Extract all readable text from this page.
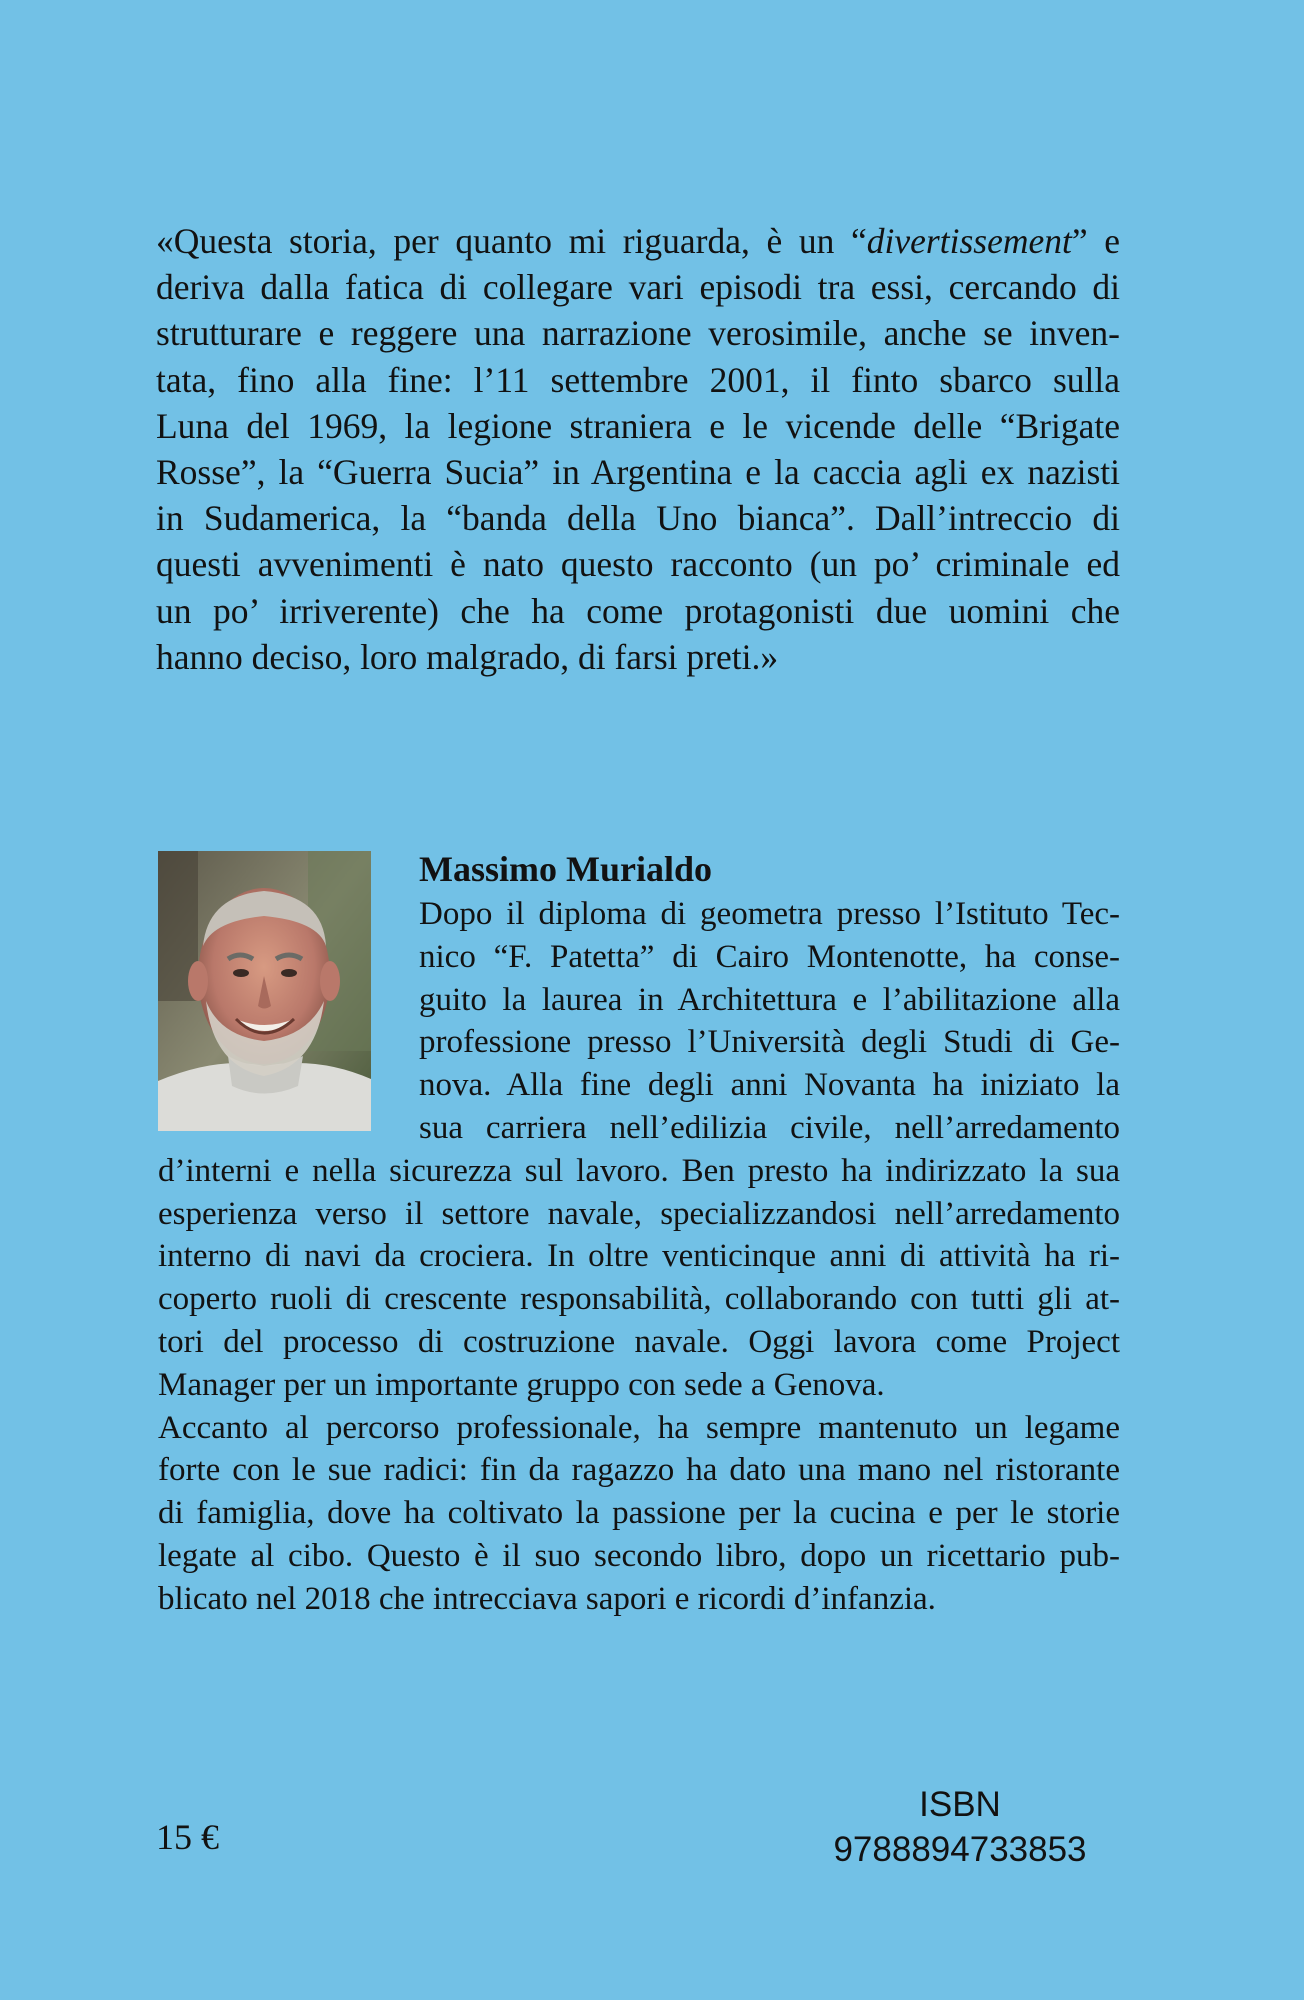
«Questa storia, per quanto mi riguarda, è un “divertissement” e
deriva dalla fatica di collegare vari episodi tra essi, cercando di
strutturare e reggere una narrazione verosimile, anche se inven-
tata, fino alla fine: l’11 settembre 2001, il finto sbarco sulla
Luna del 1969, la legione straniera e le vicende delle “Brigate
Rosse”, la “Guerra Sucia” in Argentina e la caccia agli ex nazisti
in Sudamerica, la “banda della Uno bianca”. Dall’intreccio di
questi avvenimenti è nato questo racconto (un po’ criminale ed
un po’ irriverente) che ha come protagonisti due uomini che
hanno deciso, loro malgrado, di farsi preti.»
Massimo Murialdo
Dopo il diploma di geometra presso l’Istituto Tec-
nico “F. Patetta” di Cairo Montenotte, ha conse-
guito la laurea in Architettura e l’abilitazione alla
professione presso l’Università degli Studi di Ge-
nova. Alla fine degli anni Novanta ha iniziato la
sua carriera nell’edilizia civile, nell’arredamento
d’interni e nella sicurezza sul lavoro. Ben presto ha indirizzato la sua
esperienza verso il settore navale, specializzandosi nell’arredamento
interno di navi da crociera. In oltre venticinque anni di attività ha ri-
coperto ruoli di crescente responsabilità, collaborando con tutti gli at-
tori del processo di costruzione navale. Oggi lavora come Project
Manager per un importante gruppo con sede a Genova.
Accanto al percorso professionale, ha sempre mantenuto un legame
forte con le sue radici: fin da ragazzo ha dato una mano nel ristorante
di famiglia, dove ha coltivato la passione per la cucina e per le storie
legate al cibo. Questo è il suo secondo libro, dopo un ricettario pub-
blicato nel 2018 che intrecciava sapori e ricordi d’infanzia.
15 €
ISBN
9788894733853
